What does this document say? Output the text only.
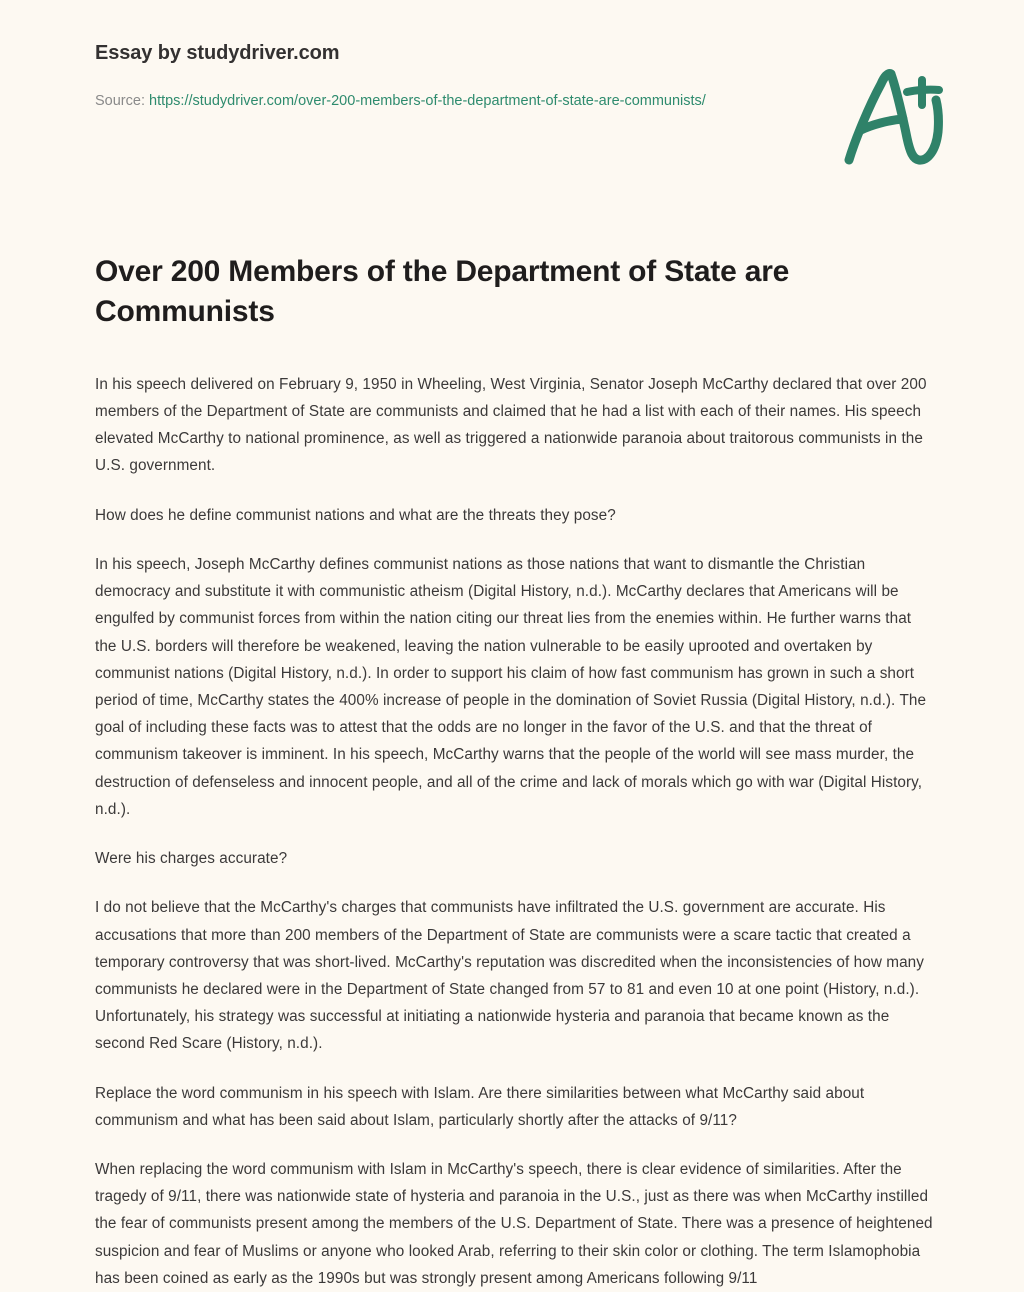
Essay by studydriver.com

Source: https://studydriver.com/over-200-members-of-the-department-of-state-are-communists/

Over 200 Members of the Department of State are Communists

In his speech delivered on February 9, 1950 in Wheeling, West Virginia, Senator Joseph McCarthy declared that over 200 members of the Department of State are communists and claimed that he had a list with each of their names. His speech elevated McCarthy to national prominence, as well as triggered a nationwide paranoia about traitorous communists in the U.S. government.

How does he define communist nations and what are the threats they pose?

In his speech, Joseph McCarthy defines communist nations as those nations that want to dismantle the Christian democracy and substitute it with communistic atheism (Digital History, n.d.). McCarthy declares that Americans will be engulfed by communist forces from within the nation citing our threat lies from the enemies within. He further warns that the U.S. borders will therefore be weakened, leaving the nation vulnerable to be easily uprooted and overtaken by communist nations (Digital History, n.d.). In order to support his claim of how fast communism has grown in such a short period of time, McCarthy states the 400% increase of people in the domination of Soviet Russia (Digital History, n.d.). The goal of including these facts was to attest that the odds are no longer in the favor of the U.S. and that the threat of communism takeover is imminent. In his speech, McCarthy warns that the people of the world will see mass murder, the destruction of defenseless and innocent people, and all of the crime and lack of morals which go with war (Digital History, n.d.).

Were his charges accurate?

I do not believe that the McCarthy's charges that communists have infiltrated the U.S. government are accurate. His accusations that more than 200 members of the Department of State are communists were a scare tactic that created a temporary controversy that was short-lived. McCarthy's reputation was discredited when the inconsistencies of how many communists he declared were in the Department of State changed from 57 to 81 and even 10 at one point (History, n.d.). Unfortunately, his strategy was successful at initiating a nationwide hysteria and paranoia that became known as the second Red Scare (History, n.d.).

Replace the word communism in his speech with Islam. Are there similarities between what McCarthy said about communism and what has been said about Islam, particularly shortly after the attacks of 9/11?

When replacing the word communism with Islam in McCarthy's speech, there is clear evidence of similarities. After the tragedy of 9/11, there was nationwide state of hysteria and paranoia in the U.S., just as there was when McCarthy instilled the fear of communists present among the members of the U.S. Department of State. There was a presence of heightened suspicion and fear of Muslims or anyone who looked Arab, referring to their skin color or clothing. The term Islamophobia has been coined as early as the 1990s but was strongly present among Americans following 9/11
